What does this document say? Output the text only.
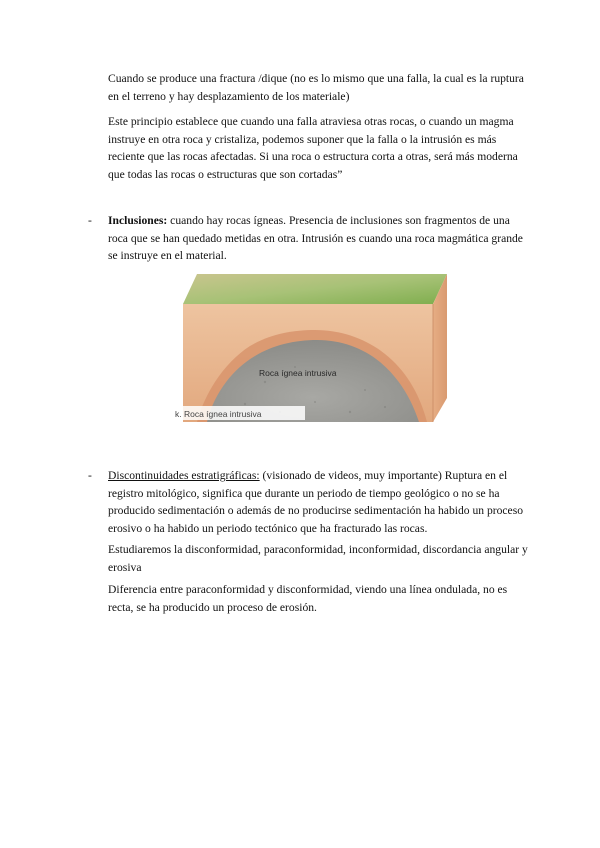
Cuando se produce una fractura /dique (no es lo mismo que una falla, la cual es la ruptura en el terreno y hay desplazamiento de los materiale)

Este principio establece que cuando una falla atraviesa otras rocas, o cuando un magma instruye en otra roca y cristaliza, podemos suponer que la falla o la intrusión es más reciente que las rocas afectadas. Si una roca o estructura corta a otras, será más moderna que todas las rocas o estructuras que son cortadas”

- Inclusiones: cuando hay rocas ígneas. Presencia de inclusiones son fragmentos de una roca que se han quedado metidas en otra. Intrusión es cuando una roca magmática grande se instruye en el material.
Roca ígnea intrusiva
k. Roca ígnea intrusiva
- Discontinuidades estratigráficas: (visionado de videos, muy importante) Ruptura en el registro mitológico, significa que durante un periodo de tiempo geológico o no se ha producido sedimentación o además de no producirse sedimentación ha habido un proceso erosivo o ha habido un periodo tectónico que ha fracturado las rocas.

Estudiaremos la disconformidad, paraconformidad, inconformidad, discordancia angular y erosiva

Diferencia entre paraconformidad y disconformidad, viendo una línea ondulada, no es recta, se ha producido un proceso de erosión.
